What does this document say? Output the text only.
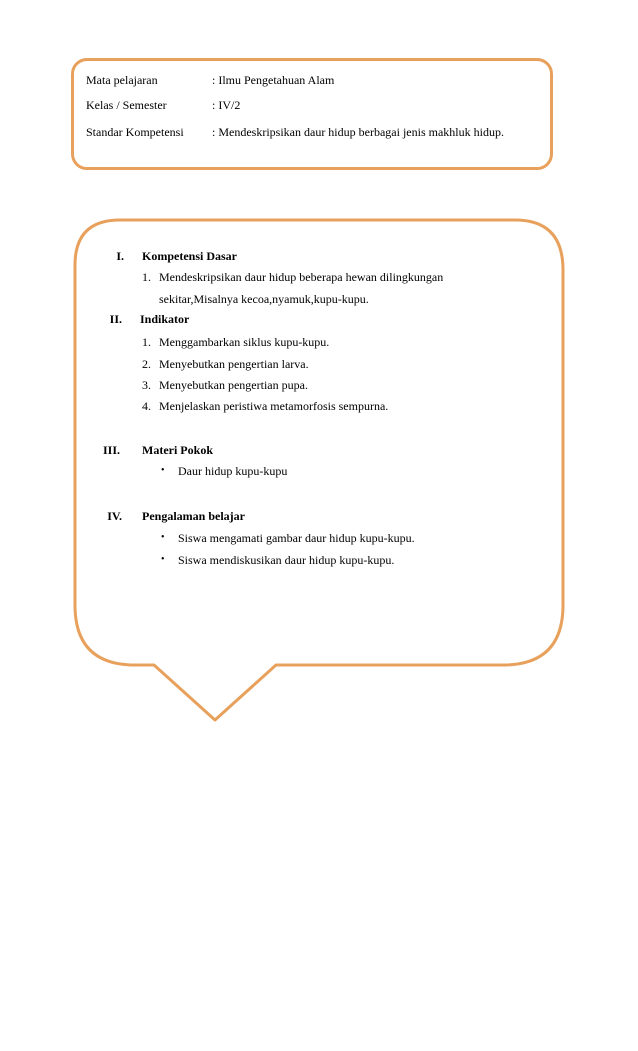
Mata pelajaran	: Ilmu Pengetahuan Alam
Kelas / Semester	: IV/2
Standar Kompetensi : Mendeskripsikan daur hidup berbagai jenis makhluk hidup.
I. Kompetensi Dasar
1. Mendeskripsikan daur hidup beberapa hewan dilingkungan
sekitar,Misalnya kecoa,nyamuk,kupu-kupu.
II. Indikator
1. Menggambarkan siklus kupu-kupu.
2. Menyebutkan pengertian larva.
3. Menyebutkan pengertian pupa.
4. Menjelaskan peristiwa metamorfosis sempurna.
III. Materi Pokok
• Daur hidup kupu-kupu
IV. Pengalaman belajar
• Siswa mengamati gambar daur hidup kupu-kupu.
• Siswa mendiskusikan daur hidup kupu-kupu.
